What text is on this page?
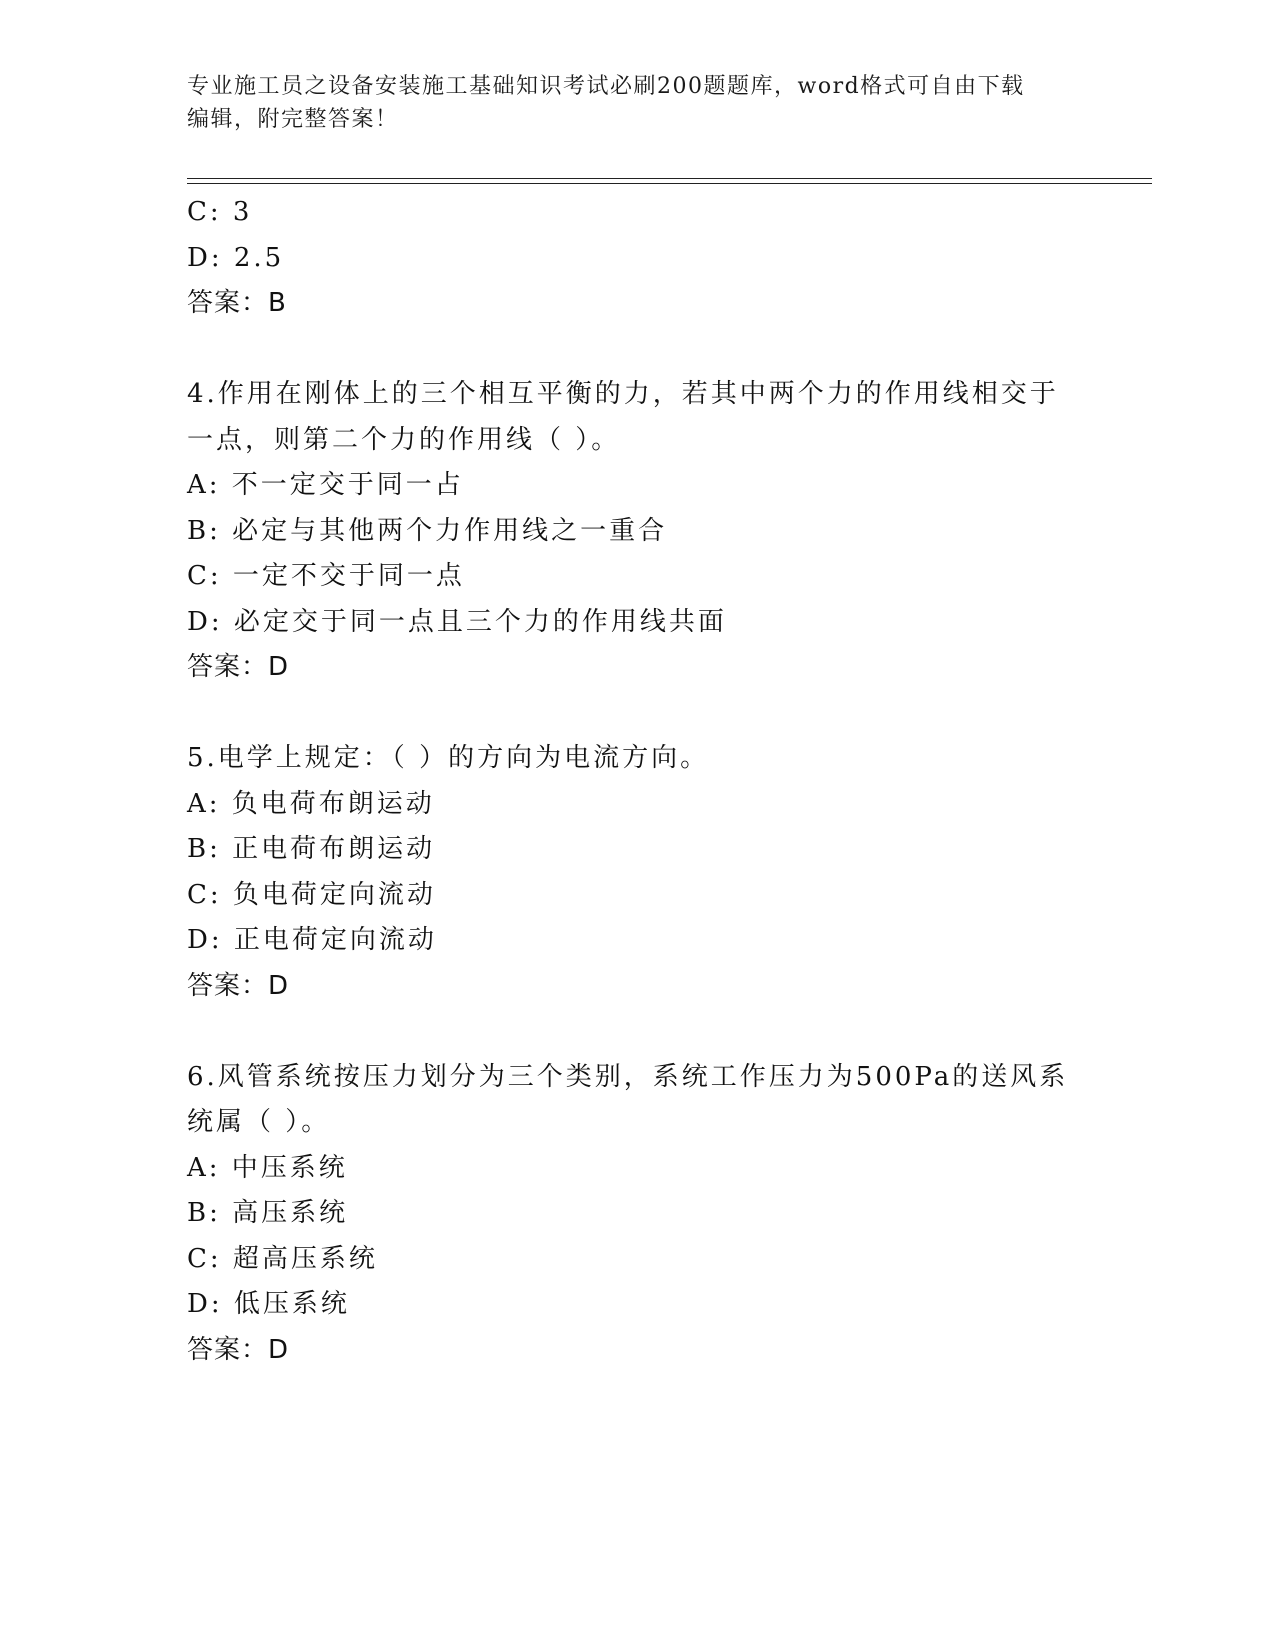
专业施工员之设备安装施工基础知识考试必刷200题题库，word格式可自由下载
编辑，附完整答案！
C: 3
D: 2.5
答案：B
4.作用在刚体上的三个相互平衡的力，若其中两个力的作用线相交于
一点，则第二个力的作用线（ ）。
A: 不一定交于同一占
B: 必定与其他两个力作用线之一重合
C: 一定不交于同一点
D: 必定交于同一点且三个力的作用线共面
答案：D
5.电学上规定：（ ）的方向为电流方向。
A: 负电荷布朗运动
B: 正电荷布朗运动
C: 负电荷定向流动
D: 正电荷定向流动
答案：D
6.风管系统按压力划分为三个类别，系统工作压力为500Pa的送风系
统属（ ）。
A: 中压系统
B: 高压系统
C: 超高压系统
D: 低压系统
答案：D
